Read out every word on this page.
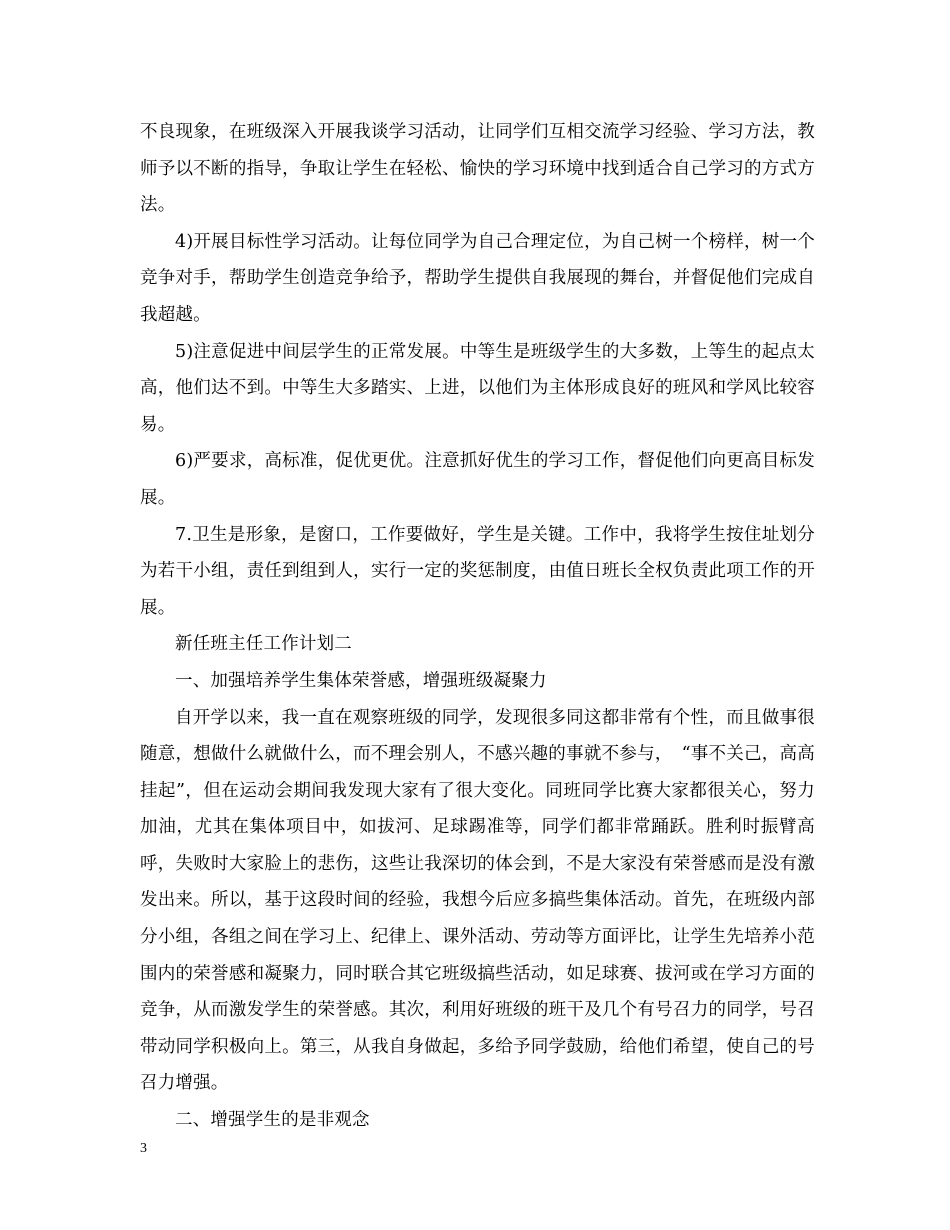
不良现象，在班级深入开展我谈学习活动，让同学们互相交流学习经验、学习方法，教师予以不断的指导，争取让学生在轻松、愉快的学习环境中找到适合自己学习的方式方法。

4)开展目标性学习活动。让每位同学为自己合理定位，为自己树一个榜样，树一个竞争对手，帮助学生创造竞争给予，帮助学生提供自我展现的舞台，并督促他们完成自我超越。

5)注意促进中间层学生的正常发展。中等生是班级学生的大多数，上等生的起点太高，他们达不到。中等生大多踏实、上进，以他们为主体形成良好的班风和学风比较容易。

6)严要求，高标准，促优更优。注意抓好优生的学习工作，督促他们向更高目标发展。

7.卫生是形象，是窗口，工作要做好，学生是关键。工作中，我将学生按住址划分为若干小组，责任到组到人，实行一定的奖惩制度，由值日班长全权负责此项工作的开展。

新任班主任工作计划二

一、加强培养学生集体荣誉感，增强班级凝聚力

自开学以来，我一直在观察班级的同学，发现很多同这都非常有个性，而且做事很随意，想做什么就做什么，而不理会别人，不感兴趣的事就不参与，　“事不关己，高高挂起”，但在运动会期间我发现大家有了很大变化。同班同学比赛大家都很关心，努力加油，尤其在集体项目中，如拔河、足球踢准等，同学们都非常踊跃。胜利时振臂高呼，失败时大家脸上的悲伤，这些让我深切的体会到，不是大家没有荣誉感而是没有激发出来。所以，基于这段时间的经验，我想今后应多搞些集体活动。首先，在班级内部分小组，各组之间在学习上、纪律上、课外活动、劳动等方面评比，让学生先培养小范围内的荣誉感和凝聚力，同时联合其它班级搞些活动，如足球赛、拔河或在学习方面的竞争，从而激发学生的荣誉感。其次，利用好班级的班干及几个有号召力的同学，号召带动同学积极向上。第三，从我自身做起，多给予同学鼓励，给他们希望，使自己的号召力增强。

二、增强学生的是非观念

3
